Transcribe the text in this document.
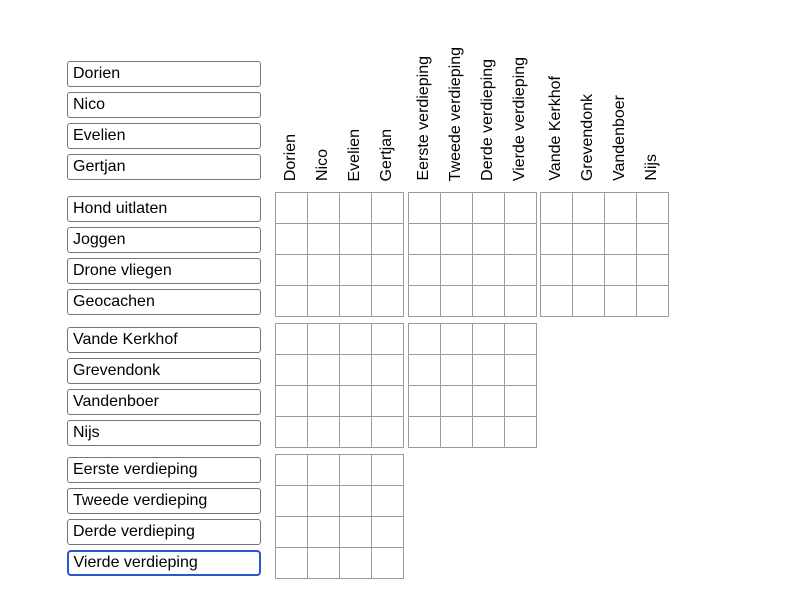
Dorien Nico Evelien Gertjan Eerste verdieping Tweede verdieping Derde verdieping Vierde verdieping Vande Kerkhof Grevendonk Vandenboer Nijs
Dorien
Nico
Evelien
Gertjan
Hond uitlaten
Joggen
Drone vliegen
Geocachen
Vande Kerkhof
Grevendonk
Vandenboer
Nijs
Eerste verdieping
Tweede verdieping
Derde verdieping
Vierde verdieping
